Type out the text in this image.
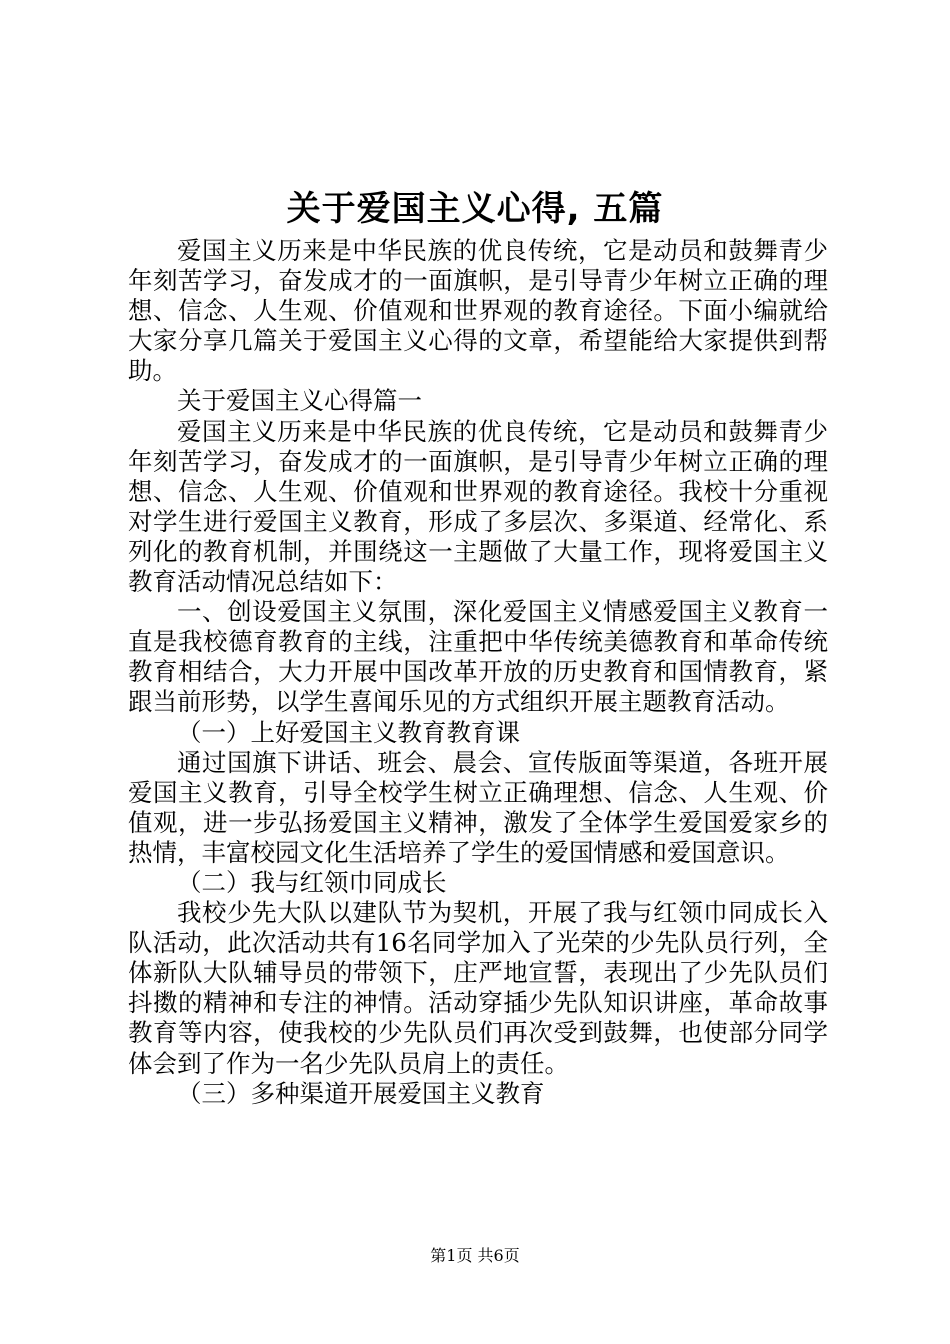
关于爱国主义心得, 五篇

爱国主义历来是中华民族的优良传统，它是动员和鼓舞青少年刻苦学习，奋发成才的一面旗帜，是引导青少年树立正确的理想、信念、人生观、价值观和世界观的教育途径。下面小编就给大家分享几篇关于爱国主义心得的文章，希望能给大家提供到帮助。

关于爱国主义心得篇一

爱国主义历来是中华民族的优良传统，它是动员和鼓舞青少年刻苦学习，奋发成才的一面旗帜，是引导青少年树立正确的理想、信念、人生观、价值观和世界观的教育途径。我校十分重视对学生进行爱国主义教育，形成了多层次、多渠道、经常化、系列化的教育机制，并围绕这一主题做了大量工作，现将爱国主义教育活动情况总结如下：

一、创设爱国主义氛围，深化爱国主义情感爱国主义教育一直是我校德育教育的主线，注重把中华传统美德教育和革命传统教育相结合，大力开展中国改革开放的历史教育和国情教育，紧跟当前形势，以学生喜闻乐见的方式组织开展主题教育活动。

（一）上好爱国主义教育教育课

通过国旗下讲话、班会、晨会、宣传版面等渠道，各班开展爱国主义教育，引导全校学生树立正确理想、信念、人生观、价值观，进一步弘扬爱国主义精神，激发了全体学生爱国爱家乡的热情，丰富校园文化生活培养了学生的爱国情感和爱国意识。

（二）我与红领巾同成长

我校少先大队以建队节为契机，开展了我与红领巾同成长入队活动，此次活动共有16名同学加入了光荣的少先队员行列，全体新队大队辅导员的带领下，庄严地宣誓，表现出了少先队员们抖擞的精神和专注的神情。活动穿插少先队知识讲座，革命故事教育等内容，使我校的少先队员们再次受到鼓舞，也使部分同学体会到了作为一名少先队员肩上的责任。

（三）多种渠道开展爱国主义教育

第1页 共6页
